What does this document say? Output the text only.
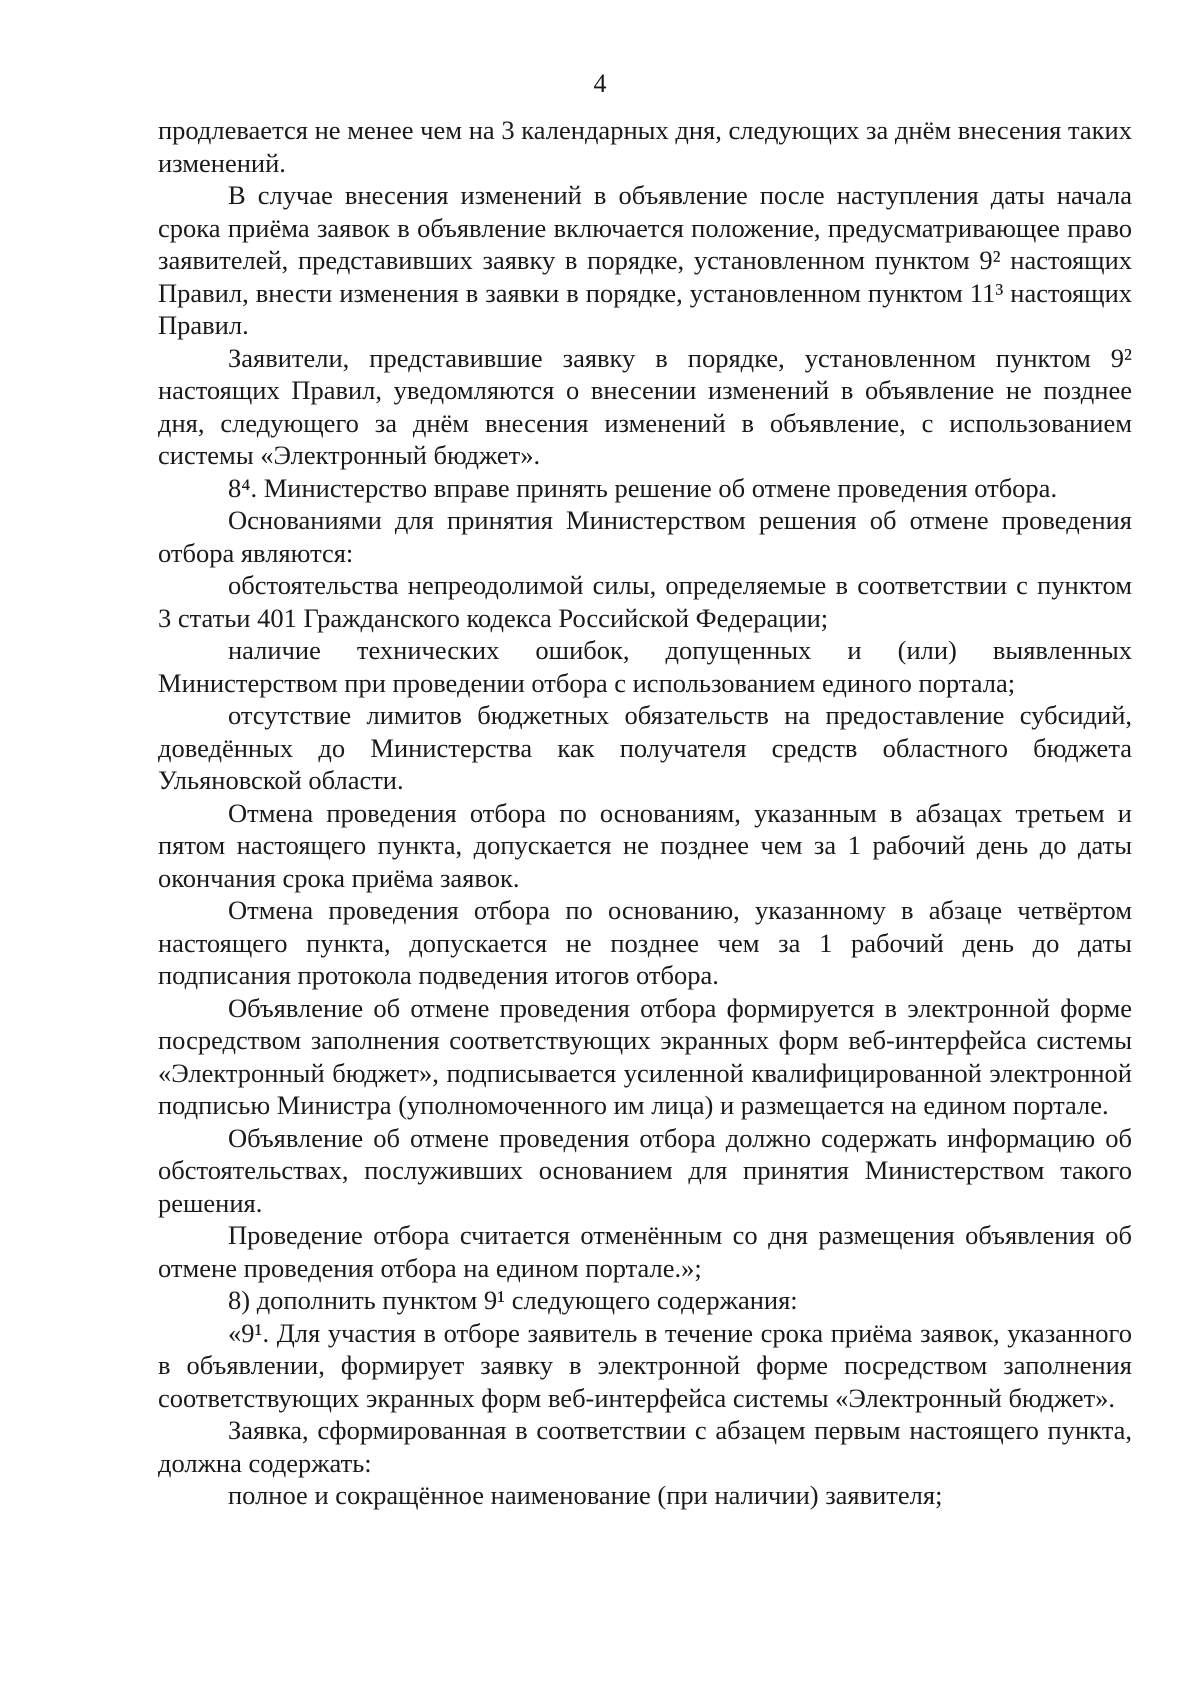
4

продлевается не менее чем на 3 календарных дня, следующих за днём внесения таких изменений.

В случае внесения изменений в объявление после наступления даты начала срока приёма заявок в объявление включается положение, предусматривающее право заявителей, представивших заявку в порядке, установленном пунктом 9² настоящих Правил, внести изменения в заявки в порядке, установленном пунктом 11³ настоящих Правил.

Заявители, представившие заявку в порядке, установленном пунктом 9² настоящих Правил, уведомляются о внесении изменений в объявление не позднее дня, следующего за днём внесения изменений в объявление, с использованием системы «Электронный бюджет».

8⁴. Министерство вправе принять решение об отмене проведения отбора.

Основаниями для принятия Министерством решения об отмене проведения отбора являются:

обстоятельства непреодолимой силы, определяемые в соответствии с пунктом 3 статьи 401 Гражданского кодекса Российской Федерации;

наличие технических ошибок, допущенных и (или) выявленных Министерством при проведении отбора с использованием единого портала;

отсутствие лимитов бюджетных обязательств на предоставление субсидий, доведённых до Министерства как получателя средств областного бюджета Ульяновской области.

Отмена проведения отбора по основаниям, указанным в абзацах третьем и пятом настоящего пункта, допускается не позднее чем за 1 рабочий день до даты окончания срока приёма заявок.

Отмена проведения отбора по основанию, указанному в абзаце четвёртом настоящего пункта, допускается не позднее чем за 1 рабочий день до даты подписания протокола подведения итогов отбора.

Объявление об отмене проведения отбора формируется в электронной форме посредством заполнения соответствующих экранных форм веб-интерфейса системы «Электронный бюджет», подписывается усиленной квалифицированной электронной подписью Министра (уполномоченного им лица) и размещается на едином портале.

Объявление об отмене проведения отбора должно содержать информацию об обстоятельствах, послуживших основанием для принятия Министерством такого решения.

Проведение отбора считается отменённым со дня размещения объявления об отмене проведения отбора на едином портале.»;

8) дополнить пунктом 9¹ следующего содержания:

«9¹. Для участия в отборе заявитель в течение срока приёма заявок, указанного в объявлении, формирует заявку в электронной форме посредством заполнения соответствующих экранных форм веб-интерфейса системы «Электронный бюджет».

Заявка, сформированная в соответствии с абзацем первым настоящего пункта, должна содержать:

полное и сокращённое наименование (при наличии) заявителя;
